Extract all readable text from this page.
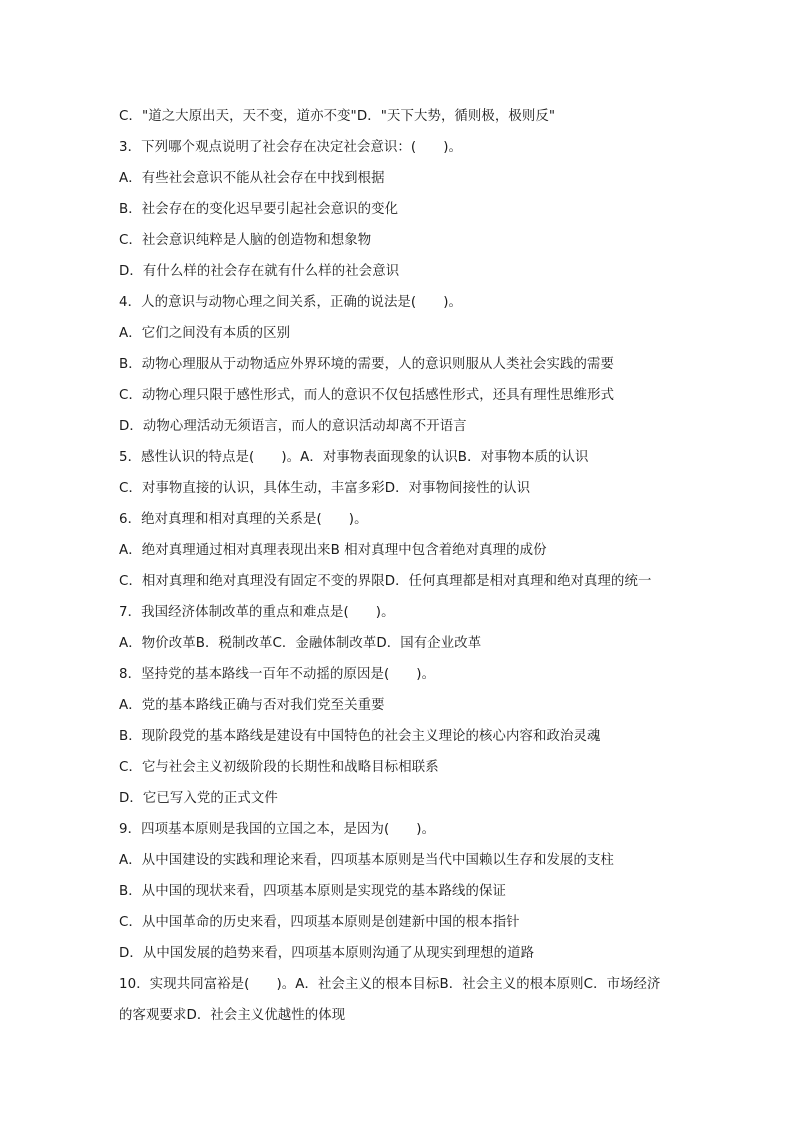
C．"道之大原出天，天不变，道亦不变"D．"天下大势，循则极，极则反"
3．下列哪个观点说明了社会存在决定社会意识：(　　)。
A．有些社会意识不能从社会存在中找到根据
B．社会存在的变化迟早要引起社会意识的变化
C．社会意识纯粹是人脑的创造物和想象物
D．有什么样的社会存在就有什么样的社会意识
4．人的意识与动物心理之间关系，正确的说法是(　　)。
A．它们之间没有本质的区别
B．动物心理服从于动物适应外界环境的需要，人的意识则服从人类社会实践的需要
C．动物心理只限于感性形式，而人的意识不仅包括感性形式，还具有理性思维形式
D．动物心理活动无须语言，而人的意识活动却离不开语言
5．感性认识的特点是(　　)。A．对事物表面现象的认识B．对事物本质的认识
C．对事物直接的认识，具体生动，丰富多彩D．对事物间接性的认识
6．绝对真理和相对真理的关系是(　　)。
A．绝对真理通过相对真理表现出来B 相对真理中包含着绝对真理的成份
C．相对真理和绝对真理没有固定不变的界限D．任何真理都是相对真理和绝对真理的统一
7．我国经济体制改革的重点和难点是(　　)。
A．物价改革B．税制改革C．金融体制改革D．国有企业改革
8．坚持党的基本路线一百年不动摇的原因是(　　)。
A．党的基本路线正确与否对我们党至关重要
B．现阶段党的基本路线是建设有中国特色的社会主义理论的核心内容和政治灵魂
C．它与社会主义初级阶段的长期性和战略目标相联系
D．它已写入党的正式文件
9．四项基本原则是我国的立国之本，是因为(　　)。
A．从中国建设的实践和理论来看，四项基本原则是当代中国赖以生存和发展的支柱
B．从中国的现状来看，四项基本原则是实现党的基本路线的保证
C．从中国革命的历史来看，四项基本原则是创建新中国的根本指针
D．从中国发展的趋势来看，四项基本原则沟通了从现实到理想的道路
10．实现共同富裕是(　　)。A．社会主义的根本目标B．社会主义的根本原则C．市场经济
的客观要求D．社会主义优越性的体现
